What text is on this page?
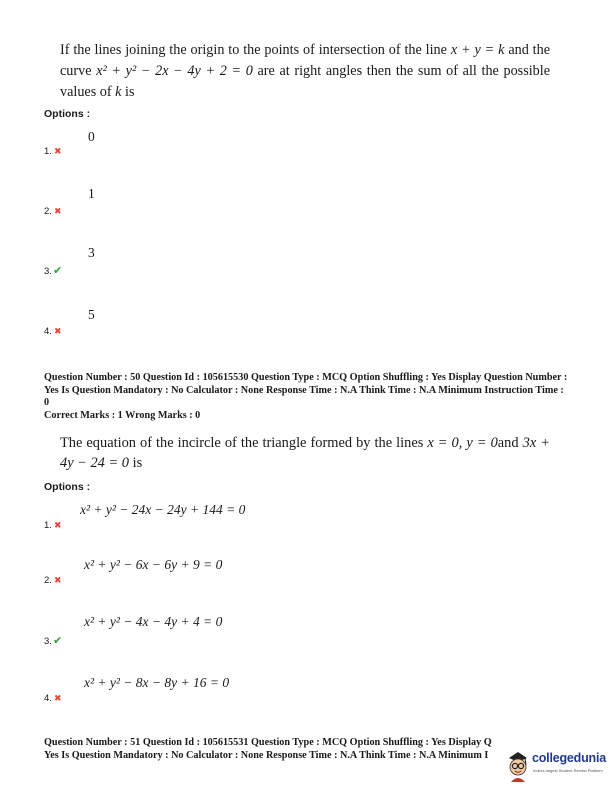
If the lines joining the origin to the points of intersection of the line x + y = k and the curve x² + y² − 2x − 4y + 2 = 0 are at right angles then the sum of all the possible values of k is
Options :
0
1. ✖
1
2. ✖
3
3.✔
5
4. ✖
Question Number : 50 Question Id : 105615530 Question Type : MCQ Option Shuffling : Yes Display Question Number :
Yes Is Question Mandatory : No Calculator : None Response Time : N.A Think Time : N.A Minimum Instruction Time :
0
Correct Marks : 1 Wrong Marks : 0
The equation of the incircle of the triangle formed by the lines x = 0, y = 0and 3x + 4y − 24 = 0 is
Options :
x² + y² − 24x − 24y + 144 = 0
1. ✖
x² + y² − 6x − 6y + 9 = 0
2. ✖
x² + y² − 4x − 4y + 4 = 0
3.✔
x² + y² − 8x − 8y + 16 = 0
4. ✖
Question Number : 51 Question Id : 105615531 Question Type : MCQ Option Shuffling : Yes Display Q
Yes Is Question Mandatory : No Calculator : None Response Time : N.A Think Time : N.A Minimum I	collegedunia
India's largest Student Review Platform
